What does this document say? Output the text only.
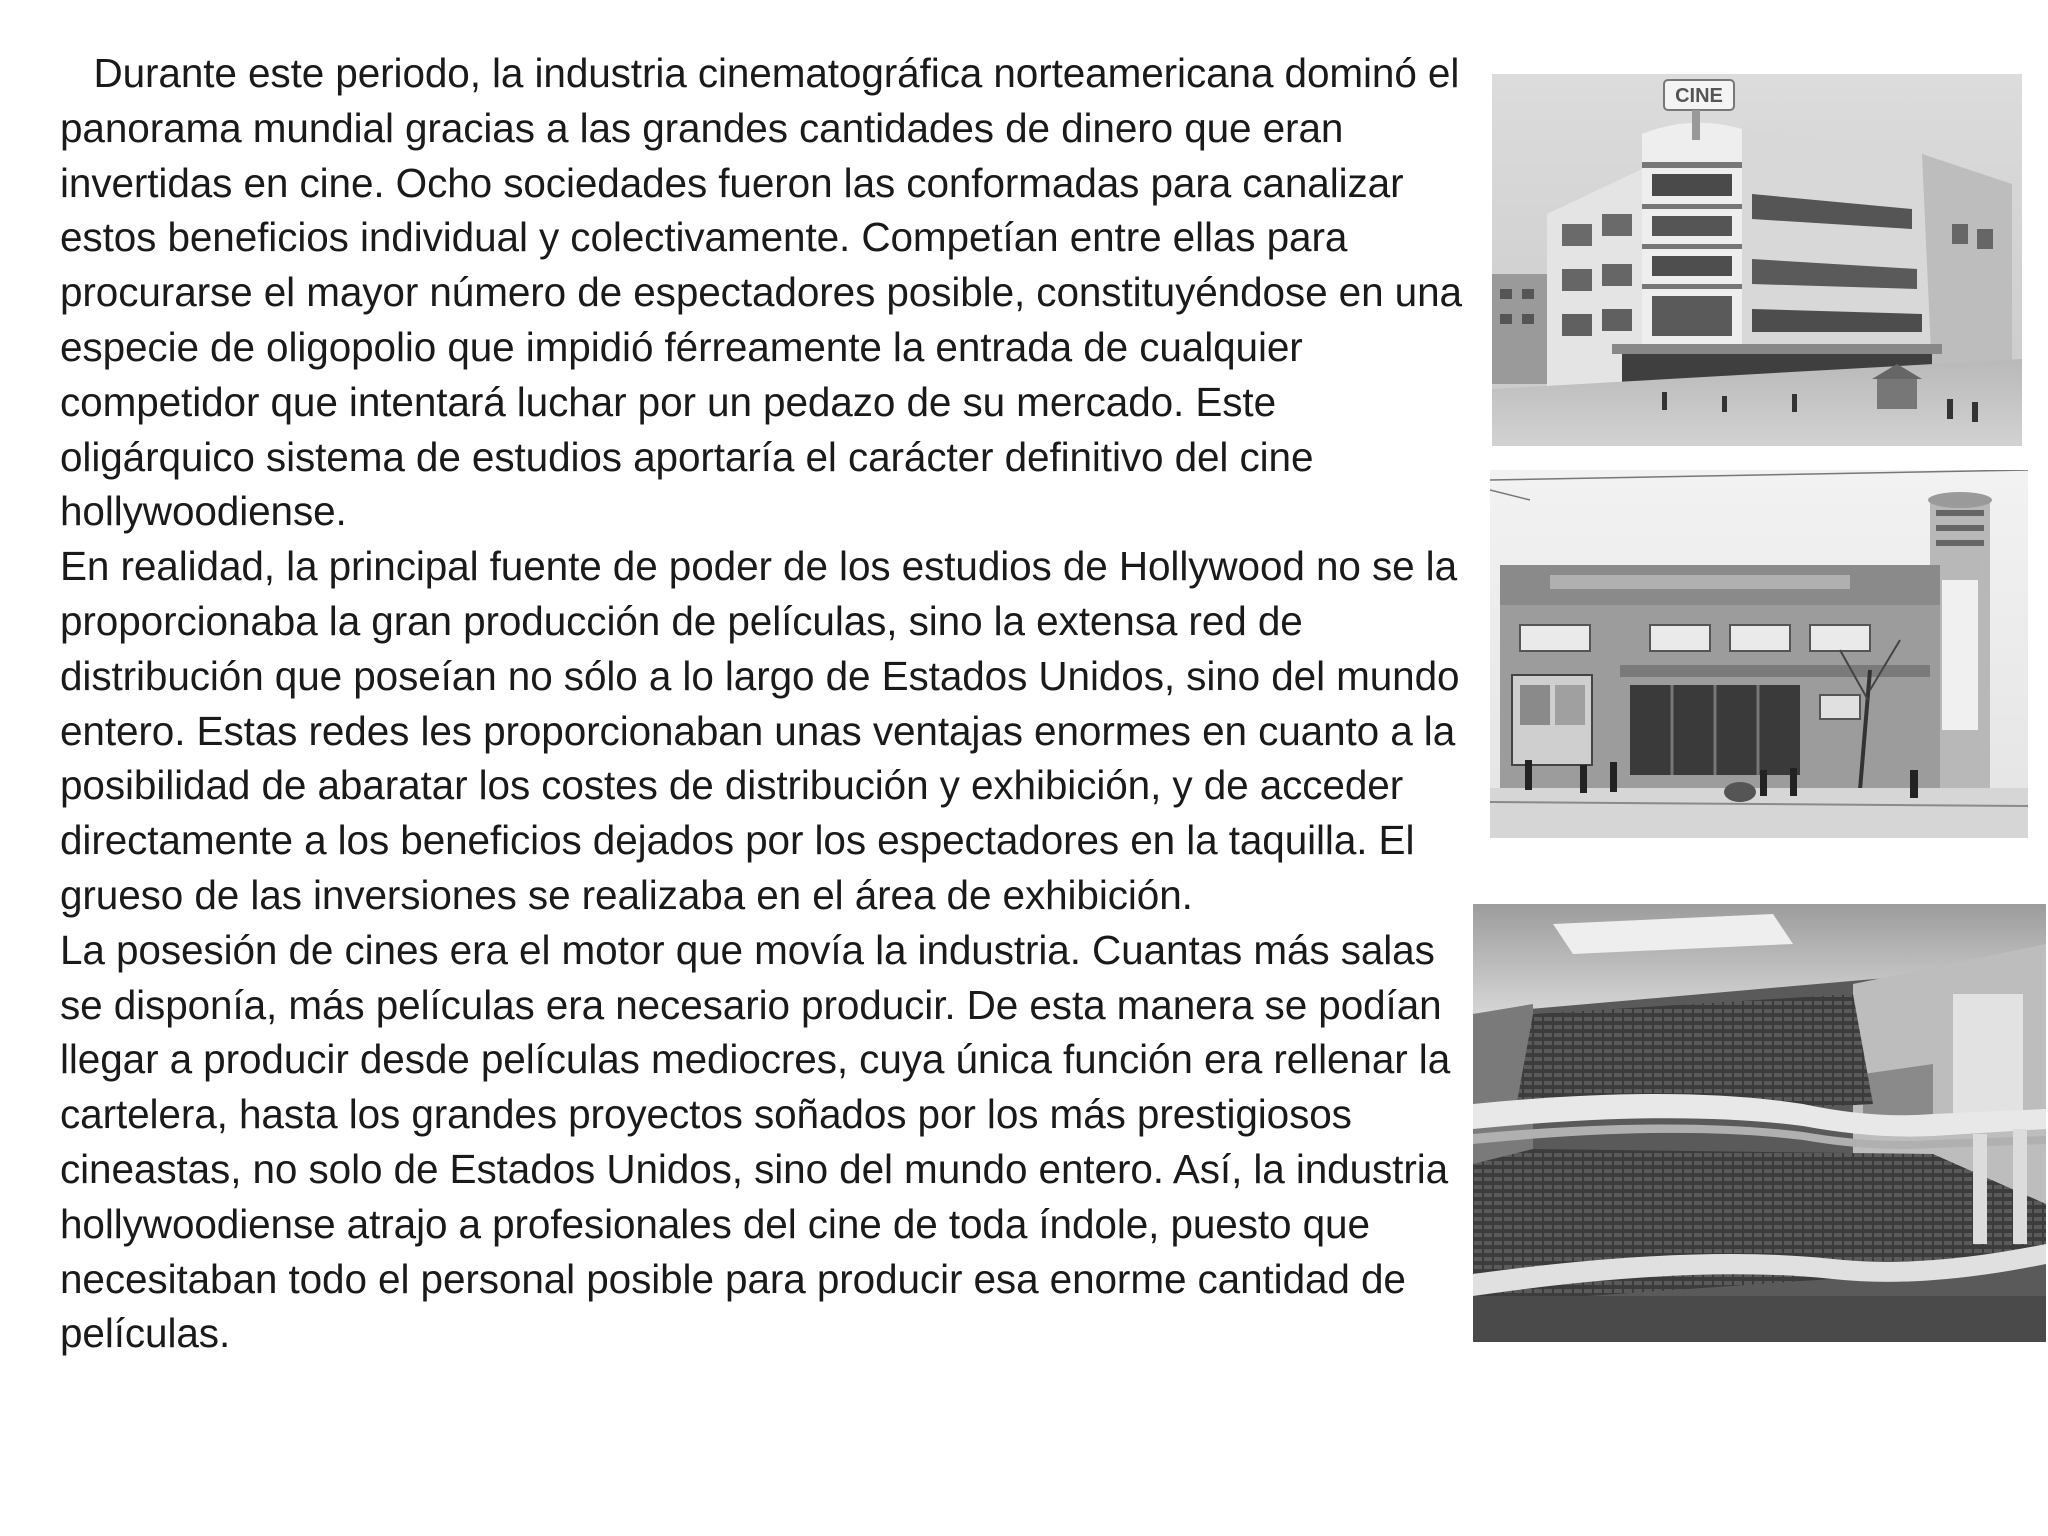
Durante este periodo, la industria cinematográfica norteamericana dominó el panorama mundial gracias a las grandes cantidades de dinero que eran invertidas en cine. Ocho sociedades fueron las conformadas para canalizar estos beneficios individual y colectivamente. Competían entre ellas para procurarse el mayor número de espectadores posible, constituyéndose en una especie de oligopolio que impidió férreamente la entrada de cualquier competidor que intentará luchar por un pedazo de su mercado. Este oligárquico sistema de estudios aportaría el carácter definitivo del cine hollywoodiense.

En realidad, la principal fuente de poder de los estudios de Hollywood no se la proporcionaba la gran producción de películas, sino la extensa red de distribución que poseían no sólo a lo largo de Estados Unidos, sino del mundo entero. Estas redes les proporcionaban unas ventajas enormes en cuanto a la posibilidad de abaratar los costes de distribución y exhibición, y de acceder directamente a los beneficios dejados por los espectadores en la taquilla. El grueso de las inversiones se realizaba en el área de exhibición.

La posesión de cines era el motor que movía la industria. Cuantas más salas se disponía, más películas era necesario producir. De esta manera se podían llegar a producir desde películas mediocres, cuya única función era rellenar la cartelera, hasta los grandes proyectos soñados por los más prestigiosos cineastas, no solo de Estados Unidos, sino del mundo entero. Así, la industria hollywoodiense atrajo a profesionales del cine de toda índole, puesto que necesitaban todo el personal posible para producir esa enorme cantidad de películas.

CINE
